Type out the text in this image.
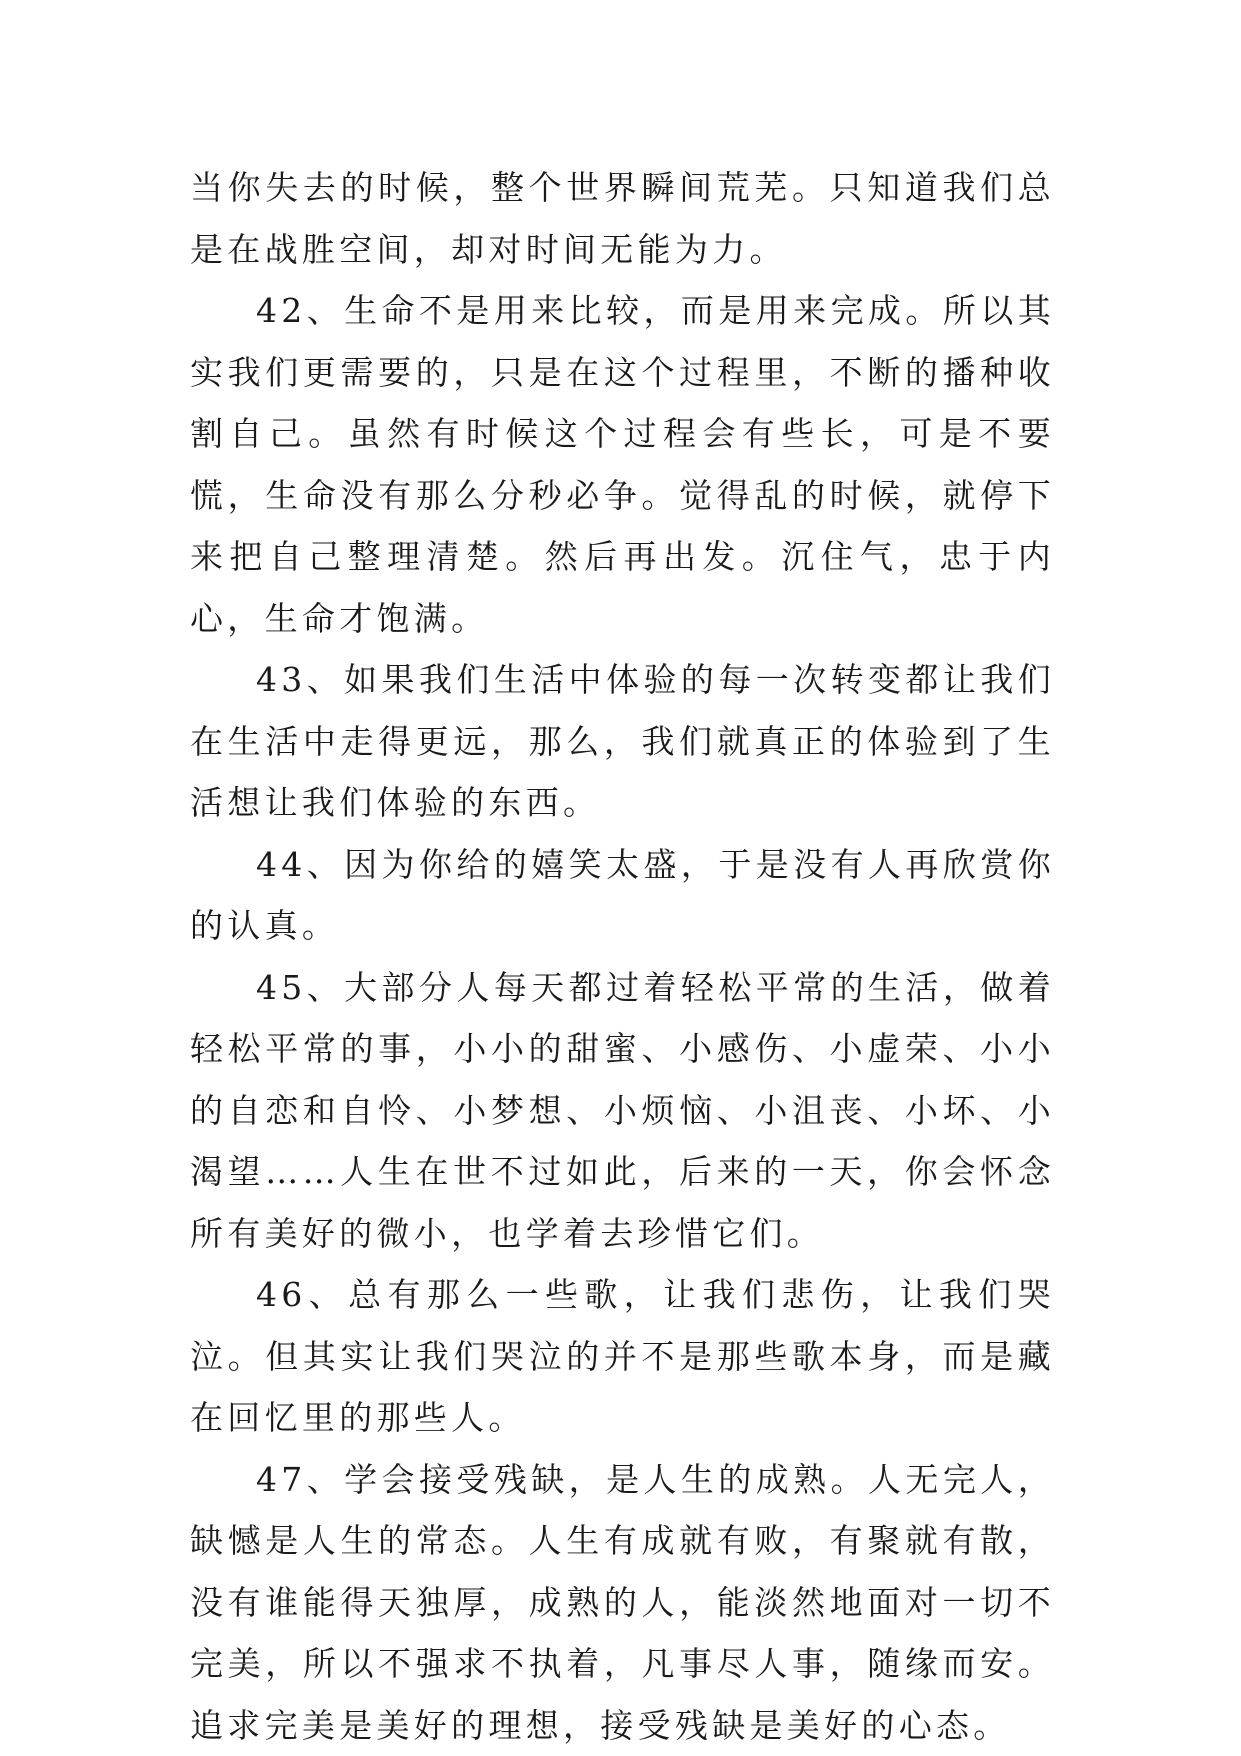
当你失去的时候，整个世界瞬间荒芜。只知道我们总是在战胜空间，却对时间无能为力。

42、生命不是用来比较，而是用来完成。所以其实我们更需要的，只是在这个过程里，不断的播种收割自己。虽然有时候这个过程会有些长，可是不要慌，生命没有那么分秒必争。觉得乱的时候，就停下来把自己整理清楚。然后再出发。沉住气，忠于内心，生命才饱满。

43、如果我们生活中体验的每一次转变都让我们在生活中走得更远，那么，我们就真正的体验到了生活想让我们体验的东西。

44、因为你给的嬉笑太盛，于是没有人再欣赏你的认真。

45、大部分人每天都过着轻松平常的生活，做着轻松平常的事，小小的甜蜜、小感伤、小虚荣、小小的自恋和自怜、小梦想、小烦恼、小沮丧、小坏、小渴望……人生在世不过如此，后来的一天，你会怀念所有美好的微小，也学着去珍惜它们。

46、总有那么一些歌，让我们悲伤，让我们哭泣。但其实让我们哭泣的并不是那些歌本身，而是藏在回忆里的那些人。

47、学会接受残缺，是人生的成熟。人无完人，缺憾是人生的常态。人生有成就有败，有聚就有散，没有谁能得天独厚，成熟的人，能淡然地面对一切不完美，所以不强求不执着，凡事尽人事，随缘而安。追求完美是美好的理想，接受残缺是美好的心态。
